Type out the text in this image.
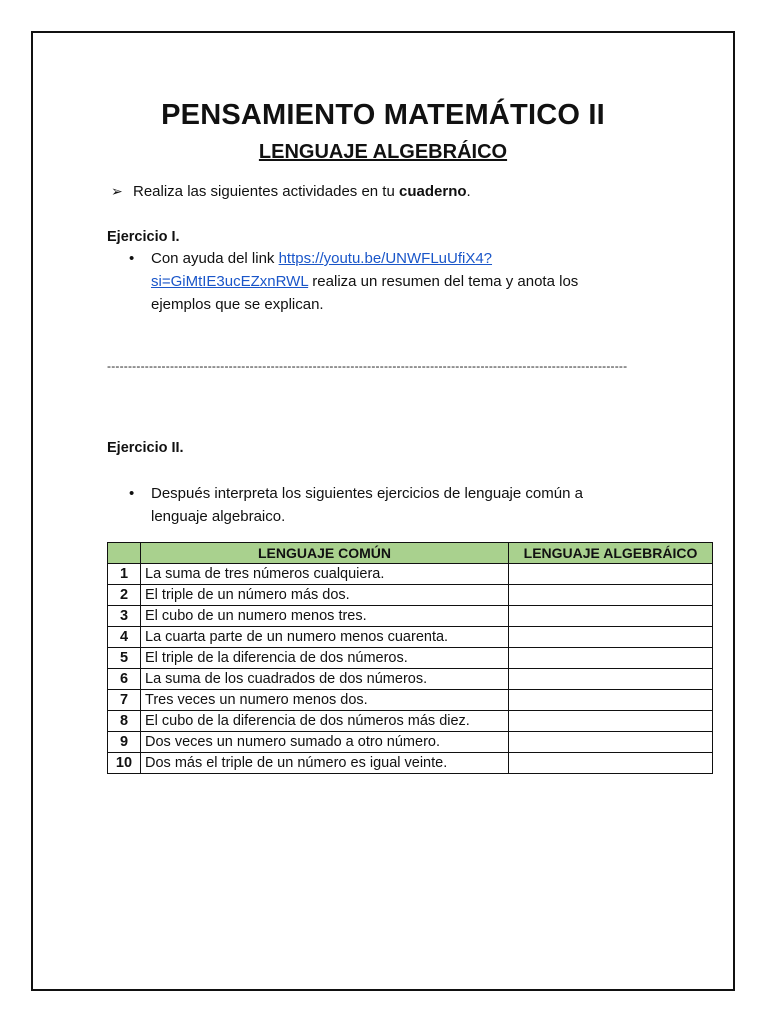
PENSAMIENTO MATEMÁTICO II
LENGUAJE ALGEBRÁICO
➢ Realiza las siguientes actividades en tu cuaderno.
Ejercicio I.
• Con ayuda del link https://youtu.be/UNWFLuUfiX4?
si=GiMtIE3ucEZxnRWL realiza un resumen del tema y anota los
ejemplos que se explican.
----------------------------------------------------------------------------------------------------------------------------
Ejercicio II.
• Después interpreta los siguientes ejercicios de lenguaje común a
lenguaje algebraico.
	LENGUAJE COMÚN	LENGUAJE ALGEBRÁICO
1	La suma de tres números cualquiera.	
2	El triple de un número más dos.	
3	El cubo de un numero menos tres.	
4	La cuarta parte de un numero menos cuarenta.	
5	El triple de la diferencia de dos números.	
6	La suma de los cuadrados de dos números.	
7	Tres veces un numero menos dos.	
8	El cubo de la diferencia de dos números más diez.	
9	Dos veces un numero sumado a otro número.	
10	Dos más el triple de un número es igual veinte.	
